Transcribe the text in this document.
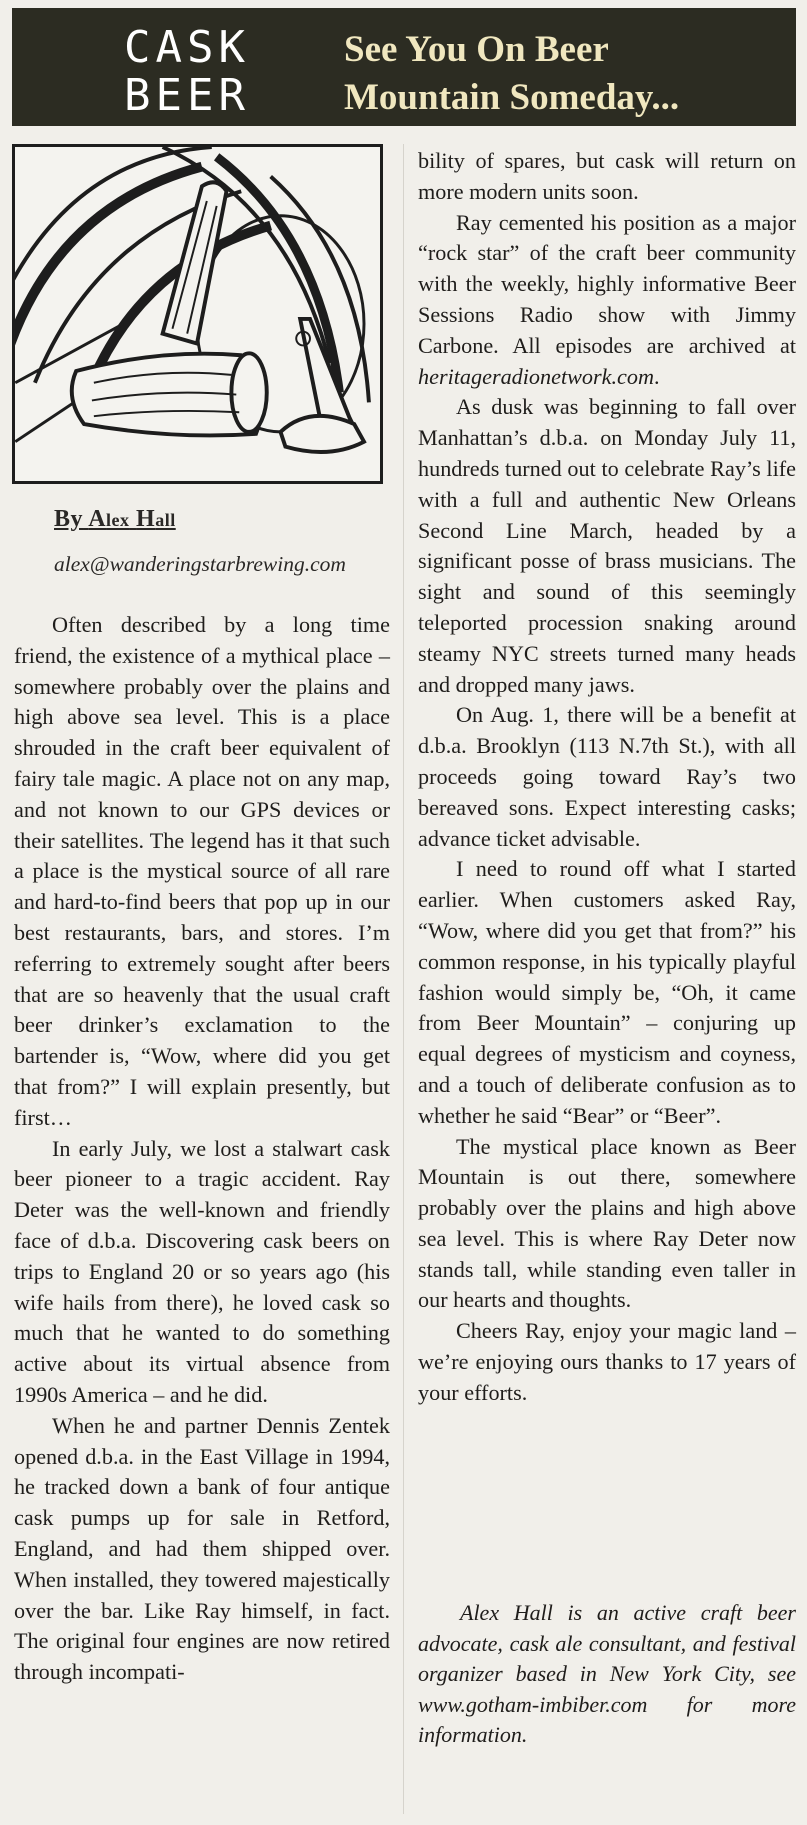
CASK
BEER
See You On Beer
Mountain Someday...
By Alex Hall
alex@wanderingstarbrewing.com

Often described by a long time friend, the existence of a mythical place – somewhere probably over the plains and high above sea level. This is a place shrouded in the craft beer equivalent of fairy tale magic. A place not on any map, and not known to our GPS devices or their satellites. The legend has it that such a place is the mystical source of all rare and hard-to-find beers that pop up in our best restaurants, bars, and stores. I’m referring to extremely sought after beers that are so heavenly that the usual craft beer drinker’s exclamation to the bartender is, “Wow, where did you get that from?” I will explain presently, but first…

In early July, we lost a stalwart cask beer pioneer to a tragic accident. Ray Deter was the well-known and friendly face of d.b.a. Discovering cask beers on trips to England 20 or so years ago (his wife hails from there), he loved cask so much that he wanted to do something active about its virtual absence from 1990s America – and he did.

When he and partner Dennis Zentek opened d.b.a. in the East Village in 1994, he tracked down a bank of four antique cask pumps up for sale in Retford, England, and had them shipped over. When installed, they towered majestically over the bar. Like Ray himself, in fact. The original four engines are now retired through incompati-

bility of spares, but cask will return on more modern units soon.

Ray cemented his position as a major “rock star” of the craft beer community with the weekly, highly informative Beer Sessions Radio show with Jimmy Carbone. All episodes are archived at heritageradionetwork.com.

As dusk was beginning to fall over Manhattan’s d.b.a. on Monday July 11, hundreds turned out to celebrate Ray’s life with a full and authentic New Orleans Second Line March, headed by a significant posse of brass musicians. The sight and sound of this seemingly teleported procession snaking around steamy NYC streets turned many heads and dropped many jaws.

On Aug. 1, there will be a benefit at d.b.a. Brooklyn (113 N.7th St.), with all proceeds going toward Ray’s two bereaved sons. Expect interesting casks; advance ticket advisable.

I need to round off what I started earlier. When customers asked Ray, “Wow, where did you get that from?” his common response, in his typically playful fashion would simply be, “Oh, it came from Beer Mountain” – conjuring up equal degrees of mysticism and coyness, and a touch of deliberate confusion as to whether he said “Bear” or “Beer”.

The mystical place known as Beer Mountain is out there, somewhere probably over the plains and high above sea level. This is where Ray Deter now stands tall, while standing even taller in our hearts and thoughts.

Cheers Ray, enjoy your magic land – we’re enjoying ours thanks to 17 years of your efforts.

Alex Hall is an active craft beer advocate, cask ale consultant, and festival organizer based in New York City, see www.gotham-imbiber.com for more information.
